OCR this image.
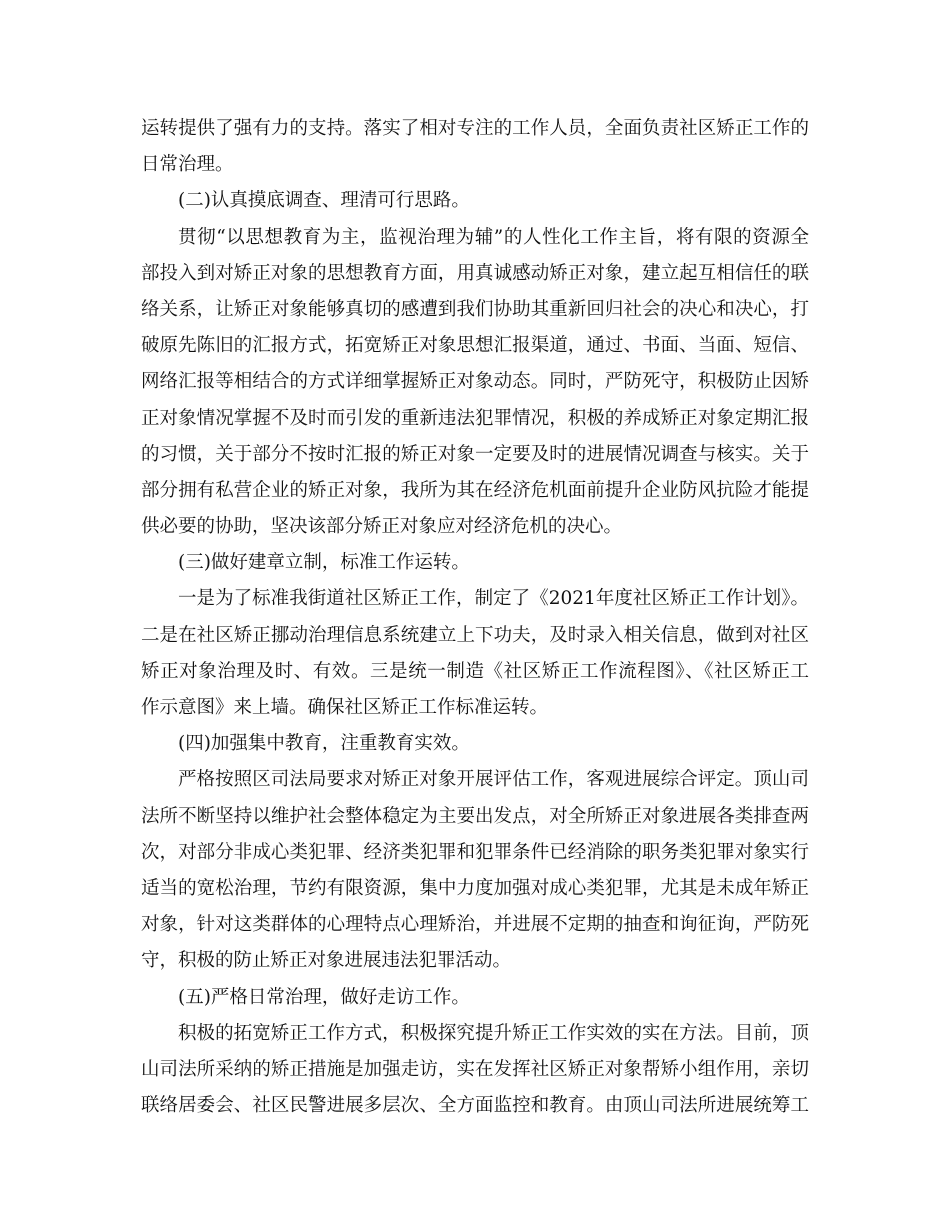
运转提供了强有力的支持。落实了相对专注的工作人员，全面负责社区矫正工作的
日常治理。
(二)认真摸底调查、理清可行思路。
贯彻“以思想教育为主，监视治理为辅”的人性化工作主旨，将有限的资源全
部投入到对矫正对象的思想教育方面，用真诚感动矫正对象，建立起互相信任的联
络关系，让矫正对象能够真切的感遭到我们协助其重新回归社会的决心和决心，打
破原先陈旧的汇报方式，拓宽矫正对象思想汇报渠道，通过、书面、当面、短信、
网络汇报等相结合的方式详细掌握矫正对象动态。同时，严防死守，积极防止因矫
正对象情况掌握不及时而引发的重新违法犯罪情况，积极的养成矫正对象定期汇报
的习惯，关于部分不按时汇报的矫正对象一定要及时的进展情况调查与核实。关于
部分拥有私营企业的矫正对象，我所为其在经济危机面前提升企业防风抗险才能提
供必要的协助，坚决该部分矫正对象应对经济危机的决心。
(三)做好建章立制，标准工作运转。
一是为了标准我街道社区矫正工作，制定了《2021年度社区矫正工作计划》。
二是在社区矫正挪动治理信息系统建立上下功夫，及时录入相关信息，做到对社区
矫正对象治理及时、有效。三是统一制造《社区矫正工作流程图》、《社区矫正工
作示意图》来上墙。确保社区矫正工作标准运转。
(四)加强集中教育，注重教育实效。
严格按照区司法局要求对矫正对象开展评估工作，客观进展综合评定。顶山司
法所不断坚持以维护社会整体稳定为主要出发点，对全所矫正对象进展各类排查两
次，对部分非成心类犯罪、经济类犯罪和犯罪条件已经消除的职务类犯罪对象实行
适当的宽松治理，节约有限资源，集中力度加强对成心类犯罪，尤其是未成年矫正
对象，针对这类群体的心理特点心理矫治，并进展不定期的抽查和询征询，严防死
守，积极的防止矫正对象进展违法犯罪活动。
(五)严格日常治理，做好走访工作。
积极的拓宽矫正工作方式，积极探究提升矫正工作实效的实在方法。目前，顶
山司法所采纳的矫正措施是加强走访，实在发挥社区矫正对象帮矫小组作用，亲切
联络居委会、社区民警进展多层次、全方面监控和教育。由顶山司法所进展统筹工
